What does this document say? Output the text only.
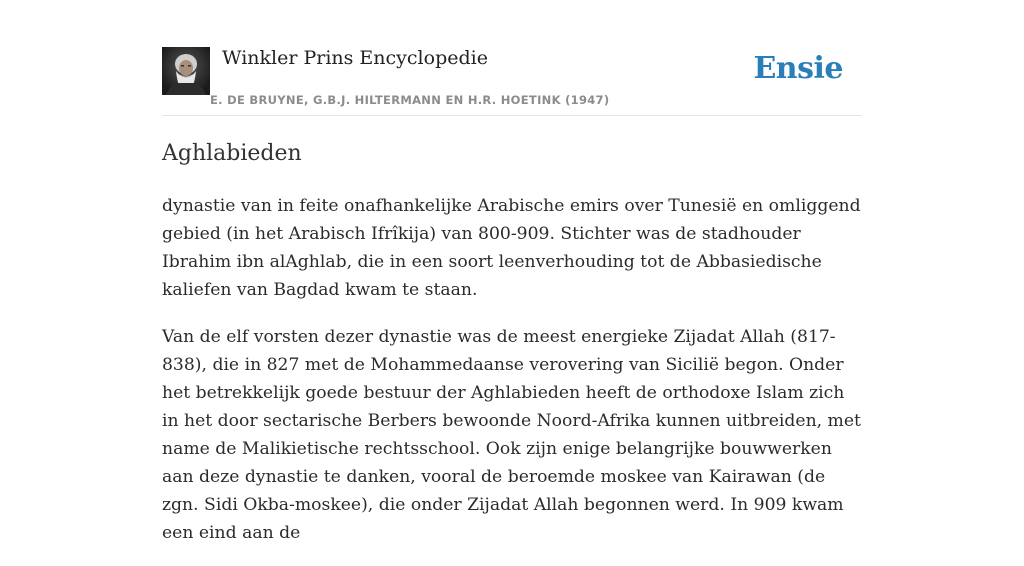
Winkler Prins Encyclopedie
E. DE BRUYNE, G.B.J. HILTERMANN EN H.R. HOETINK (1947)
Ensie
Aghlabieden

dynastie van in feite onafhankelijke Arabische emirs over Tunesië en omliggend gebied (in het Arabisch Ifrîkija) van 800-909. Stichter was de stadhouder Ibrahim ibn alAghlab, die in een soort leenverhouding tot de Abbasiedische kaliefen van Bagdad kwam te staan.

Van de elf vorsten dezer dynastie was de meest energieke Zijadat Allah (817-838), die in 827 met de Mohammedaanse verovering van Sicilië begon. Onder het betrekkelijk goede bestuur der Aghlabieden heeft de orthodoxe Islam zich in het door sectarische Berbers bewoonde Noord-Afrika kunnen uitbreiden, met name de Malikietische rechtsschool. Ook zijn enige belangrijke bouwwerken aan deze dynastie te danken, vooral de beroemde moskee van Kairawan (de zgn. Sidi Okba-moskee), die onder Zijadat Allah begonnen werd. In 909 kwam een eind aan de
